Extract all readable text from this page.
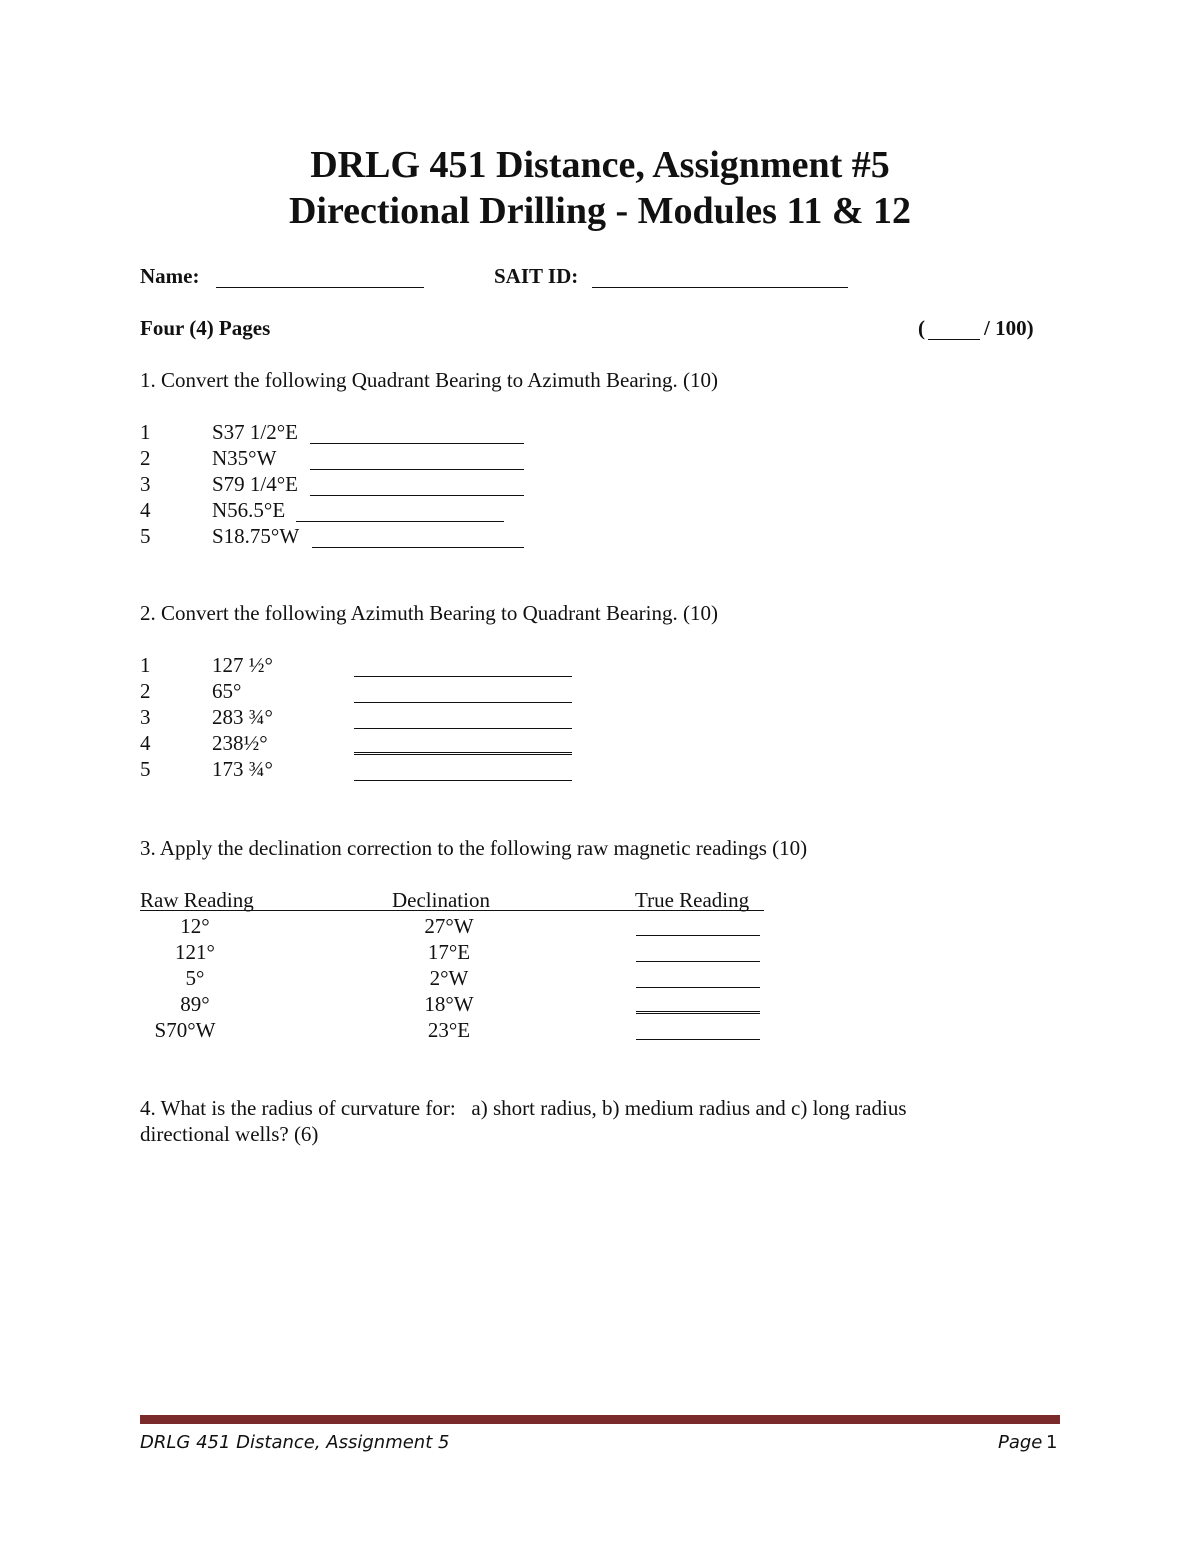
DRLG 451 Distance, Assignment #5
Directional Drilling - Modules 11 & 12
Name:	SAIT ID:
Four (4) Pages	(	/ 100)
1. Convert the following Quadrant Bearing to Azimuth Bearing. (10)
1	S37 1/2°E
2	N35°W
3	S79 1/4°E
4	N56.5°E
5	S18.75°W
2. Convert the following Azimuth Bearing to Quadrant Bearing. (10)
1	127 ½°
2	65°
3	283 ¾°
4	238½°
5	173 ¾°
3. Apply the declination correction to the following raw magnetic readings (10)
Raw Reading	Declination	True Reading
12°	27°W
121°	17°E
5°	2°W
89°	18°W
S70°W	23°E
4. What is the radius of curvature for:   a) short radius, b) medium radius and c) long radius
directional wells? (6)
DRLG 451 Distance, Assignment 5	Page 1
